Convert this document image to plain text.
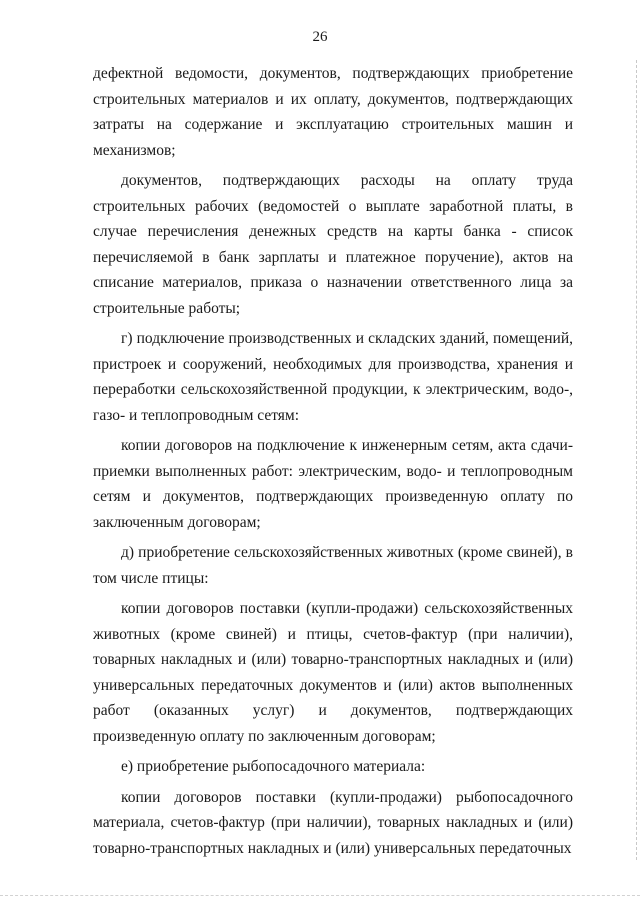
26

дефектной ведомости, документов, подтверждающих приобретение строительных материалов и их оплату, документов, подтверждающих затраты на содержание и эксплуатацию строительных машин и механизмов;

документов, подтверждающих расходы на оплату труда строительных рабочих (ведомостей о выплате заработной платы, в случае перечисления денежных средств на карты банка - список перечисляемой в банк зарплаты и платежное поручение), актов на списание материалов, приказа о назначении ответственного лица за строительные работы;

г) подключение производственных и складских зданий, помещений, пристроек и сооружений, необходимых для производства, хранения и переработки сельскохозяйственной продукции, к электрическим, водо-, газо- и теплопроводным сетям:

копии договоров на подключение к инженерным сетям, акта сдачи-приемки выполненных работ: электрическим, водо- и теплопроводным сетям и документов, подтверждающих произведенную оплату по заключенным договорам;

д) приобретение сельскохозяйственных животных (кроме свиней), в том числе птицы:

копии договоров поставки (купли-продажи) сельскохозяйственных животных (кроме свиней) и птицы, счетов-фактур (при наличии), товарных накладных и (или) товарно-транспортных накладных и (или) универсальных передаточных документов и (или) актов выполненных работ (оказанных услуг) и документов, подтверждающих произведенную оплату по заключенным договорам;

е) приобретение рыбопосадочного материала:

копии договоров поставки (купли-продажи) рыбопосадочного материала, счетов-фактур (при наличии), товарных накладных и (или) товарно-транспортных накладных и (или) универсальных передаточных
